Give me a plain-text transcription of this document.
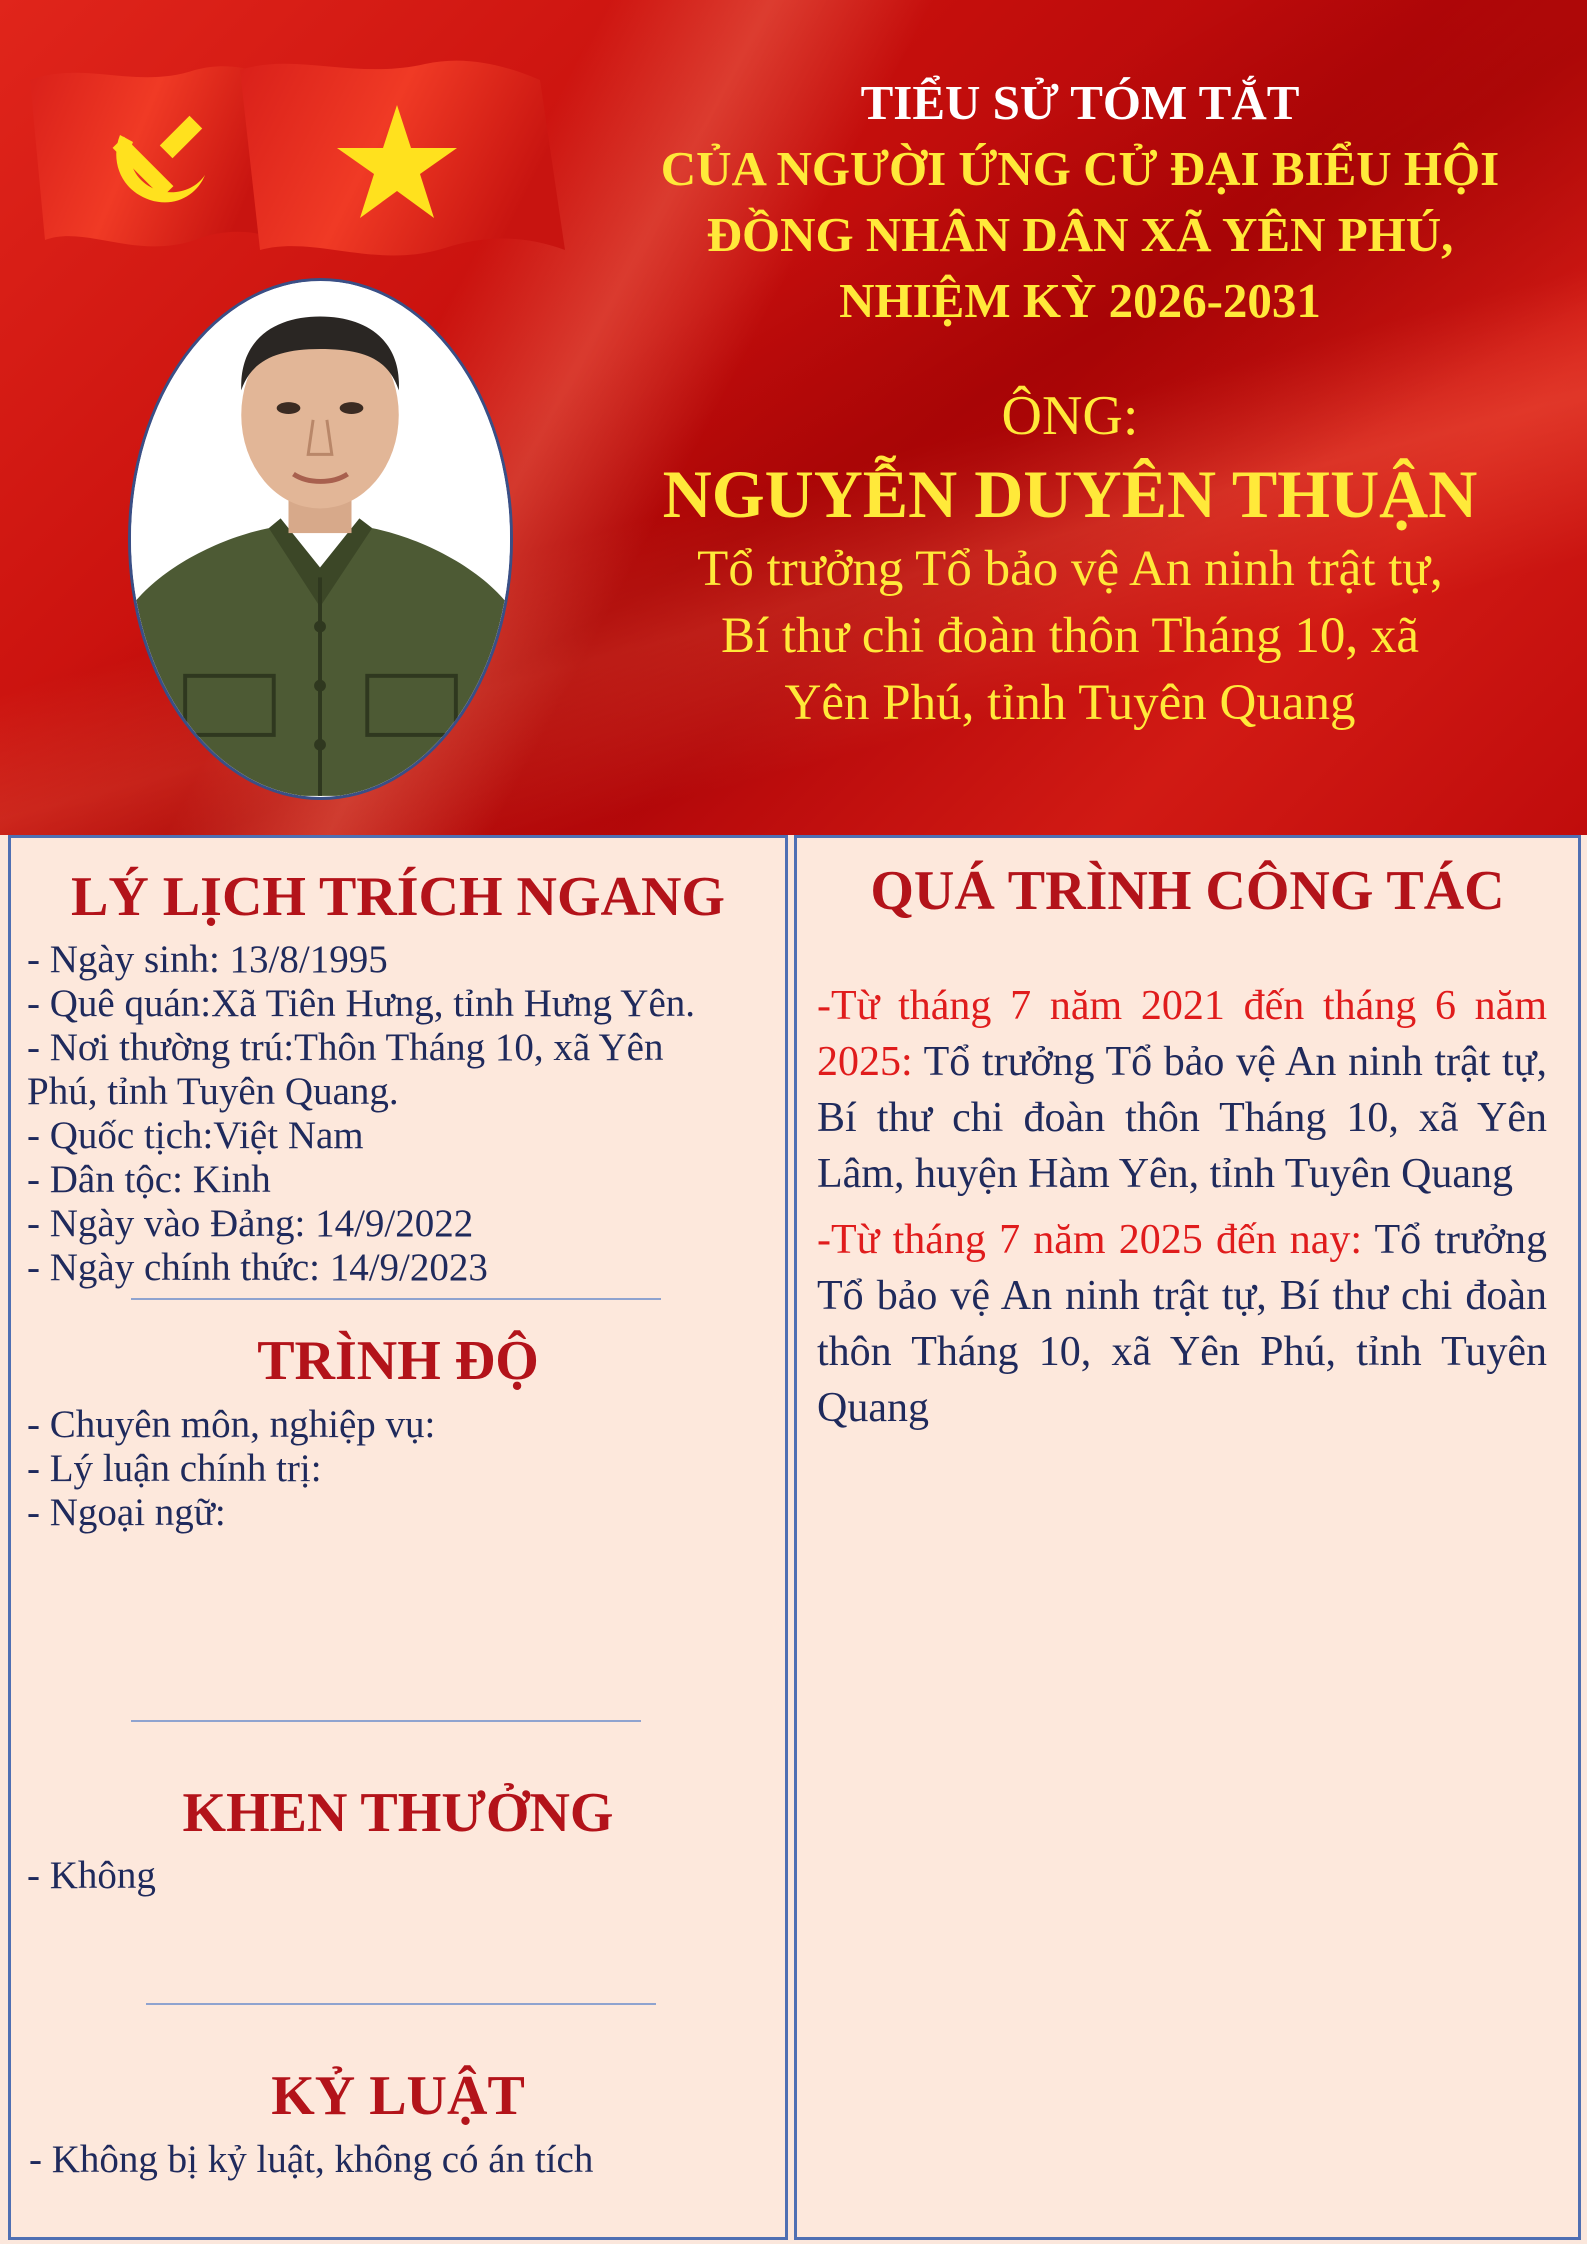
TIỂU SỬ TÓM TẮT
CỦA NGƯỜI ỨNG CỬ ĐẠI BIỂU HỘI
ĐỒNG NHÂN DÂN XÃ YÊN PHÚ,
NHIỆM KỲ 2026-2031
ÔNG:
NGUYỄN DUYÊN THUẬN
Tổ trưởng Tổ bảo vệ An ninh trật tự,
Bí thư chi đoàn thôn Tháng 10, xã
Yên Phú, tỉnh Tuyên Quang
LÝ LỊCH TRÍCH NGANG

- Ngày sinh: 13/8/1995

- Quê quán:Xã Tiên Hưng, tỉnh Hưng Yên.

- Nơi thường trú:Thôn Tháng 10, xã Yên

Phú, tỉnh Tuyên Quang.

- Quốc tịch:Việt Nam

- Dân tộc: Kinh

- Ngày vào Đảng: 14/9/2022

- Ngày chính thức: 14/9/2023

TRÌNH ĐỘ

- Chuyên môn, nghiệp vụ:

- Lý luận chính trị:

- Ngoại ngữ:

KHEN THƯỞNG

- Không

KỶ LUẬT

- Không bị kỷ luật, không có án tích

QUÁ TRÌNH CÔNG TÁC

-Từ tháng 7 năm 2021 đến tháng 6 năm 2025: Tổ trưởng Tổ bảo vệ An ninh trật tự, Bí thư chi đoàn thôn Tháng 10, xã Yên Lâm, huyện Hàm Yên, tỉnh Tuyên Quang

-Từ tháng 7 năm 2025 đến nay: Tổ trưởng Tổ bảo vệ An ninh trật tự, Bí thư chi đoàn thôn Tháng 10, xã Yên Phú, tỉnh Tuyên Quang
